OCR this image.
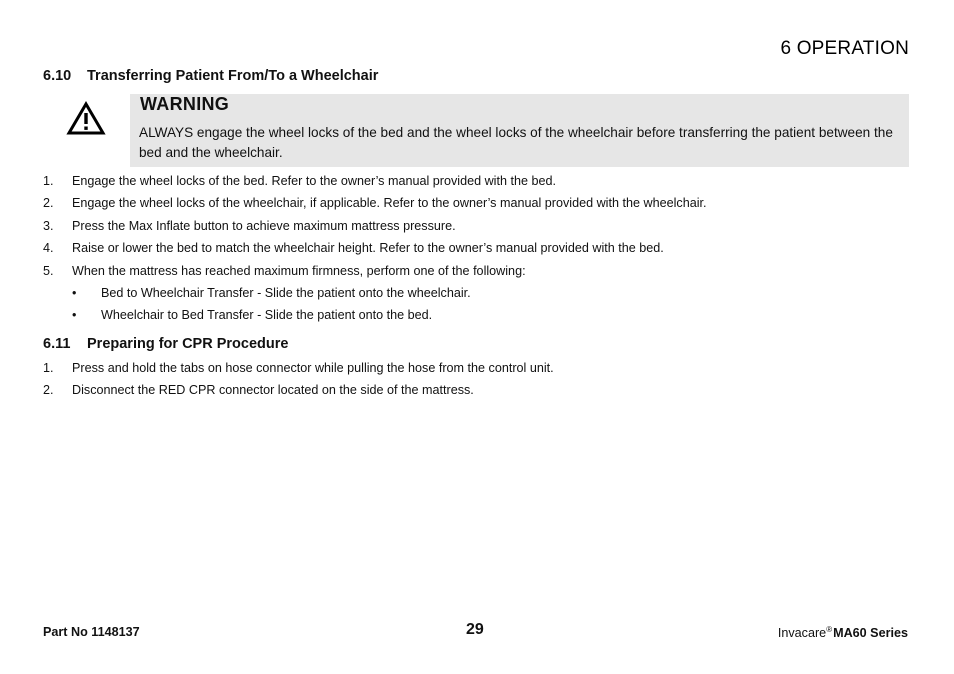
6 OPERATION
6.10 Transferring Patient From/To a Wheelchair
WARNING
ALWAYS engage the wheel locks of the bed and the wheel locks of the wheelchair before transferring the patient between the bed and the wheelchair.
1. Engage the wheel locks of the bed. Refer to the owner’s manual provided with the bed.
2. Engage the wheel locks of the wheelchair, if applicable. Refer to the owner’s manual provided with the wheelchair.
3. Press the Max Inflate button to achieve maximum mattress pressure.
4. Raise or lower the bed to match the wheelchair height. Refer to the owner’s manual provided with the bed.
5. When the mattress has reached maximum firmness, perform one of the following:
• Bed to Wheelchair Transfer - Slide the patient onto the wheelchair.
• Wheelchair to Bed Transfer - Slide the patient onto the bed.
6.11 Preparing for CPR Procedure
1. Press and hold the tabs on hose connector while pulling the hose from the control unit.
2. Disconnect the RED CPR connector located on the side of the mattress.
Part No 1148137	29	Invacare®MA60 Series
